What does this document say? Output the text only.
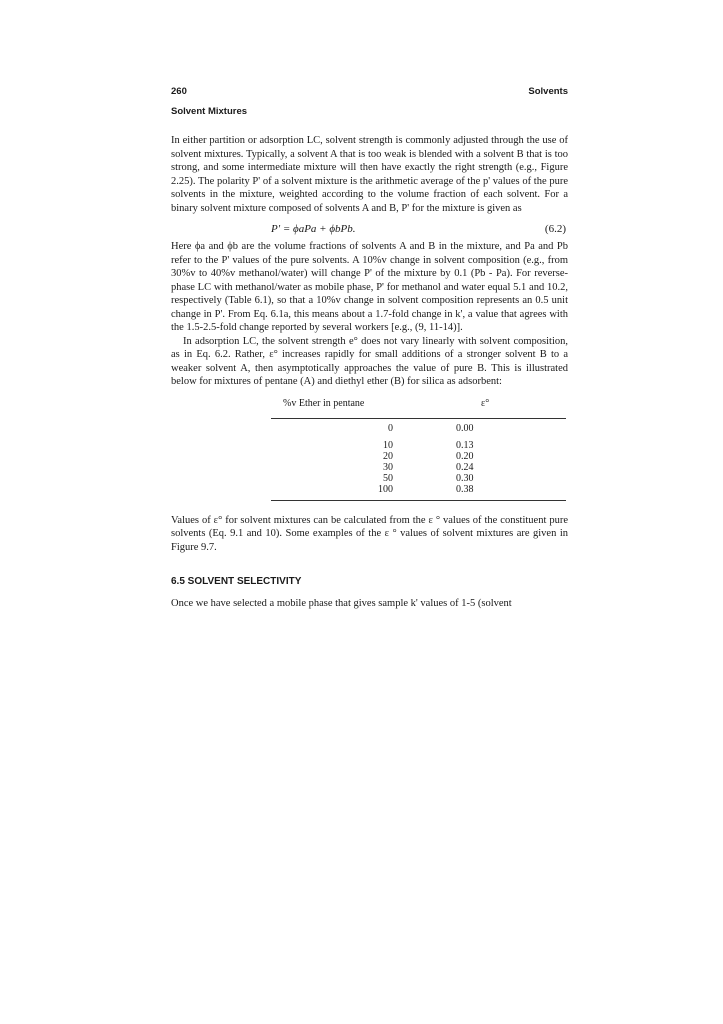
260	Solvents
Solvent Mixtures

In either partition or adsorption LC, solvent strength is commonly adjusted through the use of solvent mixtures. Typically, a solvent A that is too weak is blended with a solvent B that is too strong, and some intermediate mixture will then have exactly the right strength (e.g., Figure 2.25). The polarity P' of a solvent mixture is the arithmetic average of the p' values of the pure solvents in the mixture, weighted according to the volume fraction of each solvent. For a binary solvent mixture composed of solvents A and B, P' for the mixture is given as

P' = ϕaPa + ϕbPb.	(6.2)

Here ϕa and ϕb are the volume fractions of solvents A and B in the mixture, and Pa and Pb refer to the P' values of the pure solvents. A 10%v change in solvent composition (e.g., from 30%v to 40%v methanol/water) will change P' of the mixture by 0.1 (Pb - Pa). For reverse-phase LC with methanol/water as mobile phase, P' for methanol and water equal 5.1 and 10.2, respectively (Table 6.1), so that a 10%v change in solvent composition represents an 0.5 unit change in P'. From Eq. 6.1a, this means about a 1.7-fold change in k', a value that agrees with the 1.5-2.5-fold change reported by several workers [e.g., (9, 11-14)].

In adsorption LC, the solvent strength e° does not vary linearly with solvent composition, as in Eq. 6.2. Rather, ε° increases rapidly for small additions of a stronger solvent B to a weaker solvent A, then asymptotically approaches the value of pure B. This is illustrated below for mixtures of pentane (A) and diethyl ether (B) for silica as adsorbent:

%v Ether in pentane	ε°
0	0.00
10	0.13
20	0.20
30	0.24
50	0.30
100	0.38

Values of ε° for solvent mixtures can be calculated from the ε ° values of the constituent pure solvents (Eq. 9.1 and 10). Some examples of the ε ° values of solvent mixtures are given in Figure 9.7.

6.5 SOLVENT SELECTIVITY

Once we have selected a mobile phase that gives sample k' values of 1-5 (solvent
